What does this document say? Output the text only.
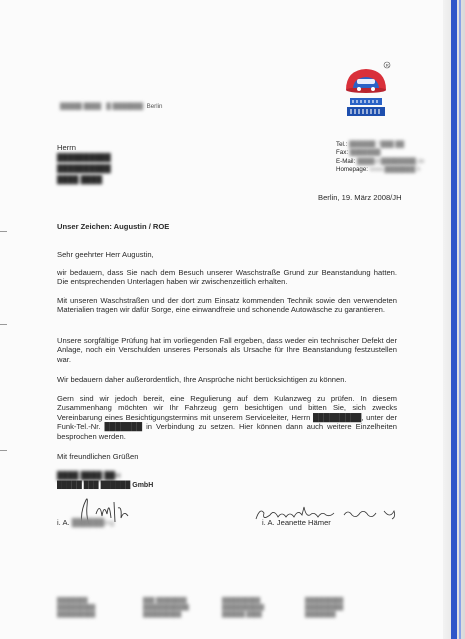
R
█████ ████ █ ███████ Berlin
Herrn
██████████
██████████
████ ████
Tel.: ██████ 7███ ██
Fax: ███████
E-Mail: ████@████████.de
Homepage: www.███████.h
Berlin, 19. März 2008/JH
Unser Zeichen: Augustin / ROE
Sehr geehrter Herr Augustin,
wir bedauern, dass Sie nach dem Besuch unserer Waschstraße Grund zur Beanstandung hatten. Die entsprechenden Unterlagen haben wir zwischenzeitlich erhalten.
Mit unseren Waschstraßen und der dort zum Einsatz kommenden Technik sowie den verwendeten Materialien tragen wir dafür Sorge, eine einwandfreie und schonende Autowäsche zu garantieren.
Unsere sorgfältige Prüfung hat im vorliegenden Fall ergeben, dass weder ein technischer Defekt der Anlage, noch ein Verschulden unseres Personals als Ursache für Ihre Beanstandung festzustellen war.
Wir bedauern daher außerordentlich, Ihre Ansprüche nicht berücksichtigen zu können.
Gern sind wir jedoch bereit, eine Regulierung auf dem Kulanzweg zu prüfen. In diesem Zusammenhang möchten wir Ihr Fahrzeug gern besichtigen und bitten Sie, sich zwecks Vereinbarung eines Besichtigungstermins mit unserem Serviceleiter, Herrn █████████, unter der Funk-Tel.-Nr. ███████ in Verbindung zu setzen. Hier können dann auch weitere Einzelheiten besprochen werden.
Mit freundlichen Grüßen
████ ████ ██H
█████ ███ ██████ GmbH
i. A. ██████ing	i. A. Jeanette Hämer
████████
██████████
██████████
███ ████████
████████████
██████████
██████████
███████████
██████ ████
██████████
██████████
████████
